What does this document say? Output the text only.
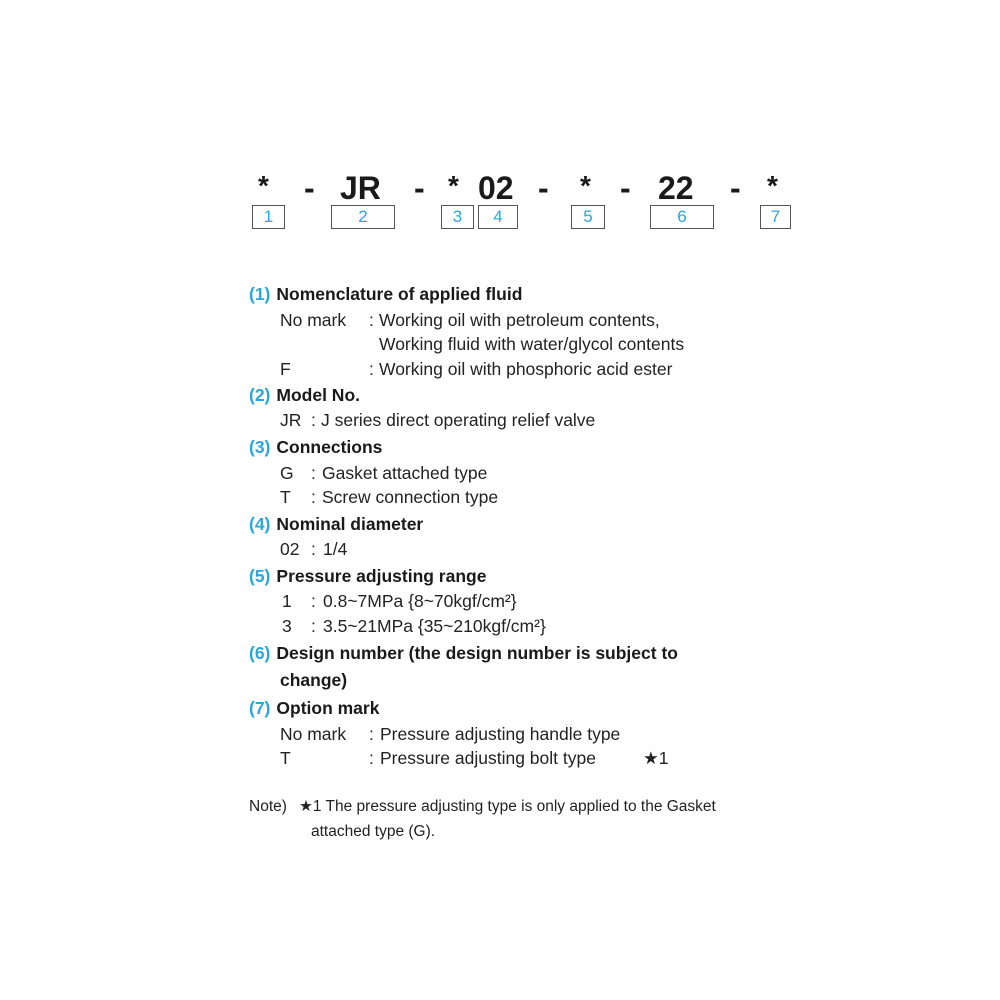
* - JR - * 02 - * - 22 - *
1	2	3	4	5	6	7
(1) Nomenclature of applied fluid
No mark : Working oil with petroleum contents,
Working fluid with water/glycol contents
F	: Working oil with phosphoric acid ester
(2) Model No.
JR : J series direct operating relief valve
(3) Connections
G : Gasket attached type
T : Screw connection type
(4) Nominal diameter
02 : 1/4
(5) Pressure adjusting range
1 : 0.8~7MPa {8~70kgf/cm²}
3 : 3.5~21MPa {35~210kgf/cm²}
(6) Design number (the design number is subject to
change)
(7) Option mark
No mark : Pressure adjusting handle type
T	: Pressure adjusting bolt type	★1
Note) ★1 The pressure adjusting type is only applied to the Gasket
attached type (G).
